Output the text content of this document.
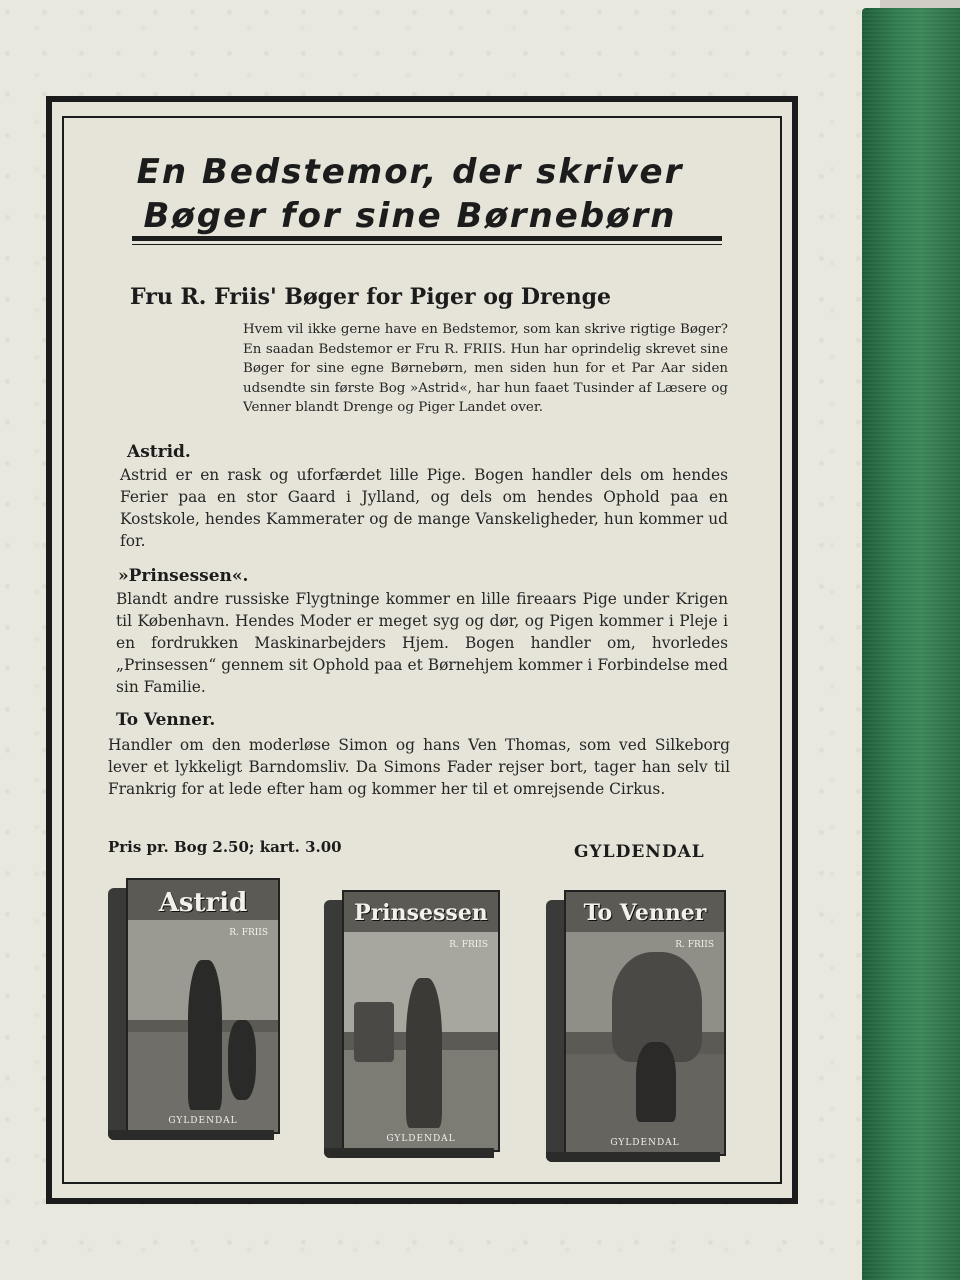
En Bedstemor, der skriver Bøger for sine Børnebørn
Fru R. Friis' Bøger for Piger og Drenge

Hvem vil ikke gerne have en Bedstemor, som kan skrive rigtige Bøger? En saadan Bedstemor er Fru R. FRIIS. Hun har oprindelig skrevet sine Bøger for sine egne Børnebørn, men siden hun for et Par Aar siden udsendte sin første Bog »Astrid«, har hun faaet Tusinder af Læsere og Venner blandt Drenge og Piger Landet over.

Astrid.

Astrid er en rask og uforfærdet lille Pige. Bogen handler dels om hendes Ferier paa en stor Gaard i Jylland, og dels om hendes Ophold paa en Kostskole, hendes Kammerater og de mange Vanskeligheder, hun kommer ud for.

»Prinsessen«.

Blandt andre russiske Flygtninge kommer en lille fireaars Pige under Krigen til København. Hendes Moder er meget syg og dør, og Pigen kommer i Pleje i en fordrukken Maskinarbejders Hjem. Bogen handler om, hvorledes „Prinsessen“ gennem sit Ophold paa et Børnehjem kommer i Forbindelse med sin Familie.

To Venner.

Handler om den moderløse Simon og hans Ven Thomas, som ved Silkeborg lever et lykkeligt Barndomsliv. Da Simons Fader rejser bort, tager han selv til Frankrig for at lede efter ham og kommer her til et omrejsende Cirkus.

Pris pr. Bog 2.50; kart. 3.00	GYLDENDAL

Astrid

R. FRIIS

GYLDENDAL

Prinsessen

R. FRIIS

GYLDENDAL

To Venner

R. FRIIS

GYLDENDAL
